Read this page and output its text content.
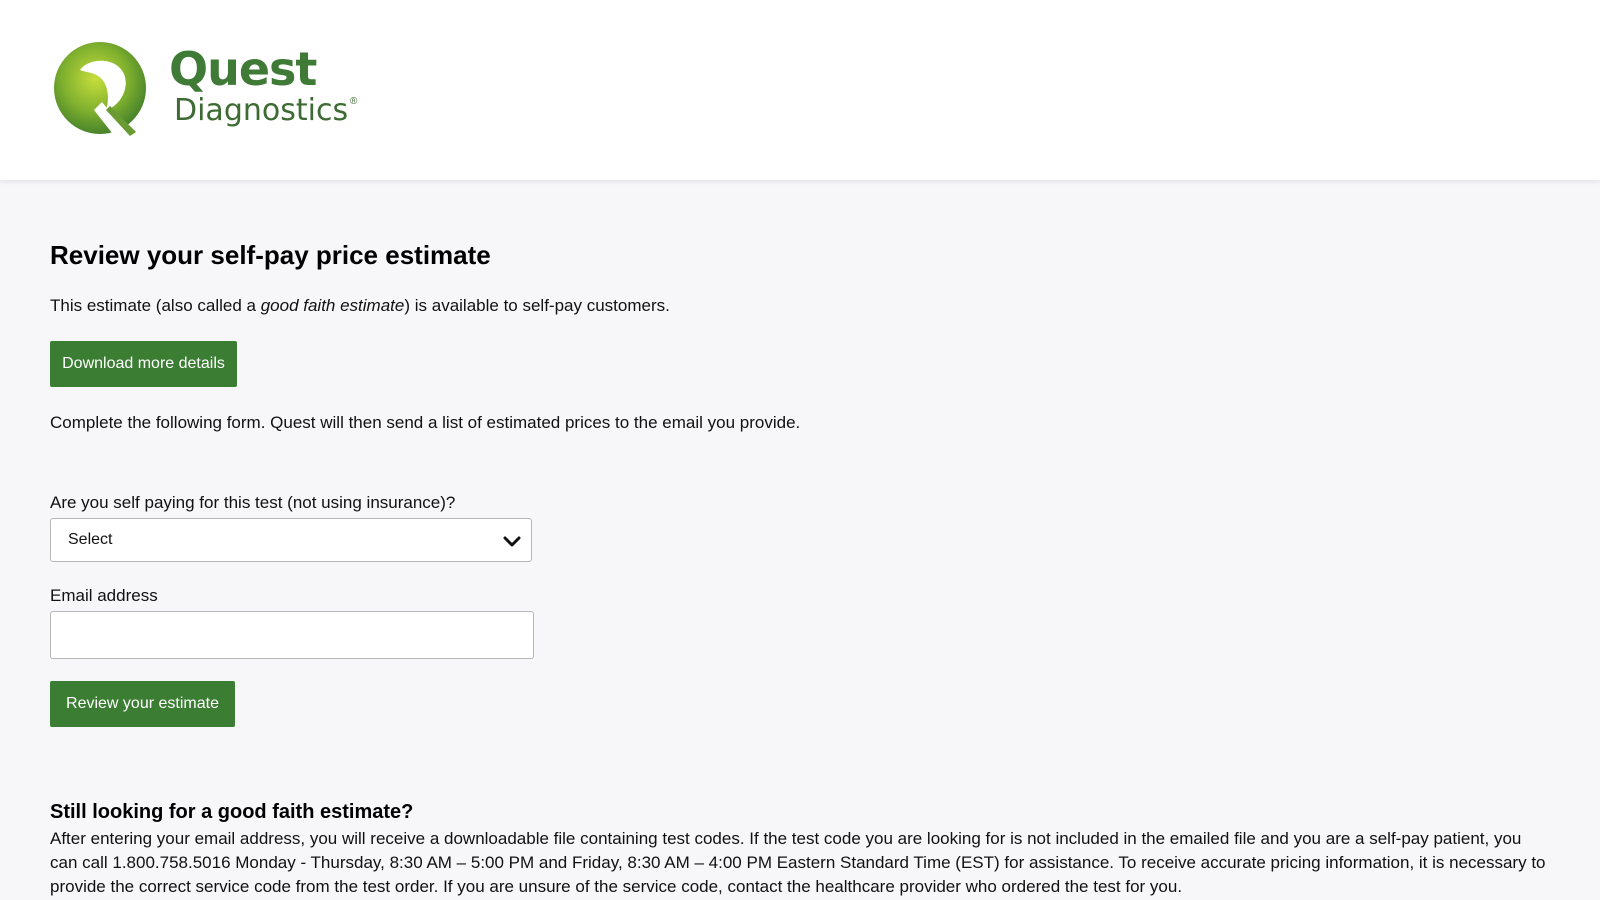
Quest
Diagnostics ®
Review your self-pay price estimate

This estimate (also called a good faith estimate) is available to self-pay customers.

Download more details

Complete the following form. Quest will then send a list of estimated prices to the email you provide.

Are you self paying for this test (not using insurance)?
Select
Email address
Review your estimate
Still looking for a good faith estimate?

After entering your email address, you will receive a downloadable file containing test codes. If the test code you are looking for is not included in the emailed file and you are a self-pay patient, you can call 1.800.758.5016 Monday - Thursday, 8:30 AM – 5:00 PM and Friday, 8:30 AM – 4:00 PM Eastern Standard Time (EST) for assistance. To receive accurate pricing information, it is necessary to provide the correct service code from the test order. If you are unsure of the service code, contact the healthcare provider who ordered the test for you.
